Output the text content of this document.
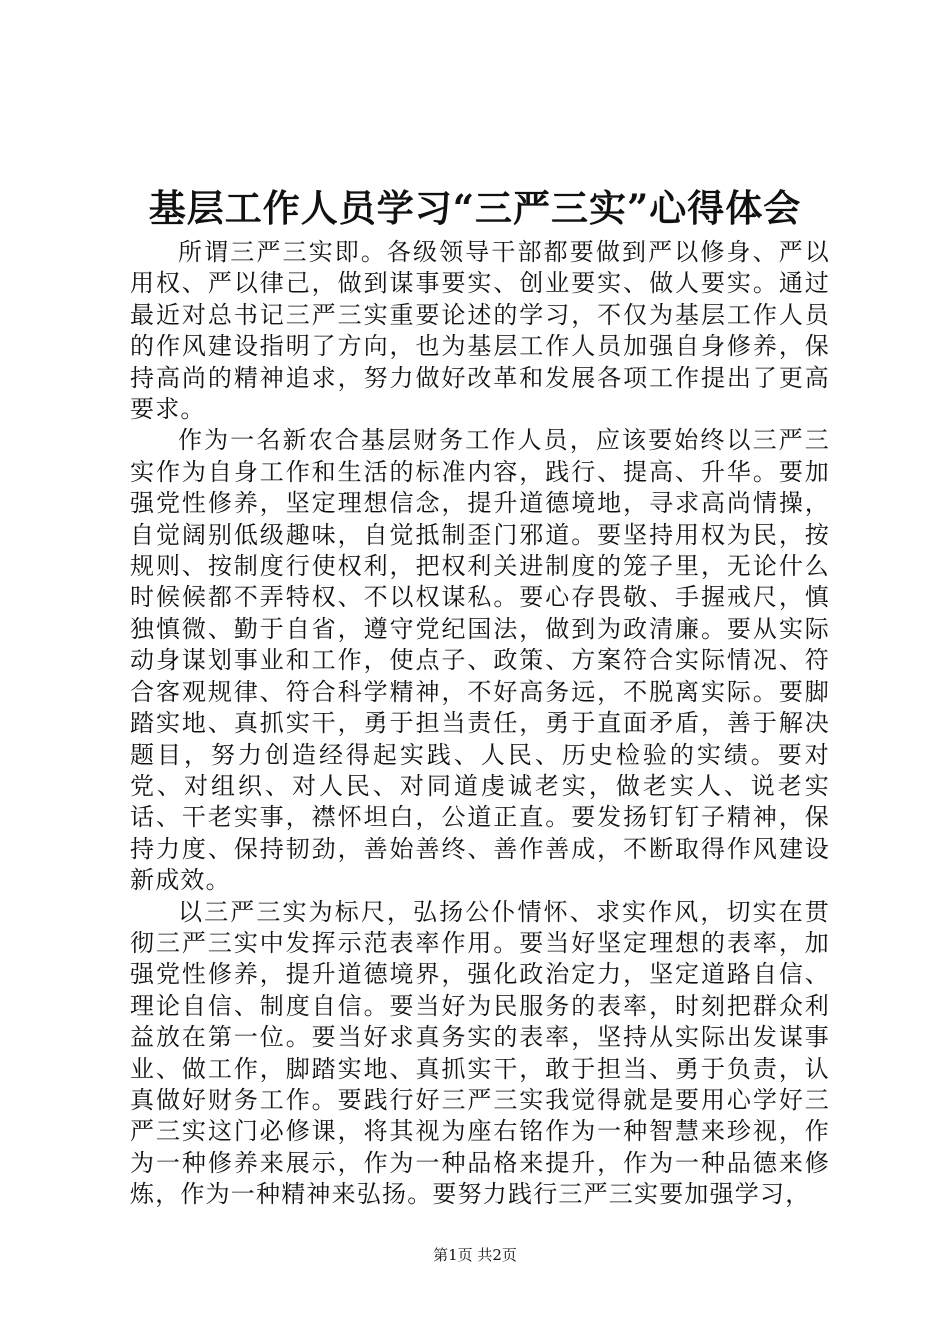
基层工作人员学习“三严三实”心得体会

所谓三严三实即。各级领导干部都要做到严以修身、严以用权、严以律己，做到谋事要实、创业要实、做人要实。通过最近对总书记三严三实重要论述的学习，不仅为基层工作人员的作风建设指明了方向，也为基层工作人员加强自身修养，保持高尚的精神追求，努力做好改革和发展各项工作提出了更高要求。

作为一名新农合基层财务工作人员，应该要始终以三严三实作为自身工作和生活的标准内容，践行、提高、升华。要加强党性修养，坚定理想信念，提升道德境地，寻求高尚情操，自觉阔别低级趣味，自觉抵制歪门邪道。要坚持用权为民，按规则、按制度行使权利，把权利关进制度的笼子里，无论什么时候候都不弄特权、不以权谋私。要心存畏敬、手握戒尺，慎独慎微、勤于自省，遵守党纪国法，做到为政清廉。要从实际动身谋划事业和工作，使点子、政策、方案符合实际情况、符合客观规律、符合科学精神，不好高务远，不脱离实际。要脚踏实地、真抓实干，勇于担当责任，勇于直面矛盾，善于解决题目，努力创造经得起实践、人民、历史检验的实绩。要对党、对组织、对人民、对同道虔诚老实，做老实人、说老实话、干老实事，襟怀坦白，公道正直。要发扬钉钉子精神，保持力度、保持韧劲，善始善终、善作善成，不断取得作风建设新成效。

以三严三实为标尺，弘扬公仆情怀、求实作风，切实在贯彻三严三实中发挥示范表率作用。要当好坚定理想的表率，加强党性修养，提升道德境界，强化政治定力，坚定道路自信、理论自信、制度自信。要当好为民服务的表率，时刻把群众利益放在第一位。要当好求真务实的表率，坚持从实际出发谋事业、做工作，脚踏实地、真抓实干，敢于担当、勇于负责，认真做好财务工作。要践行好三严三实我觉得就是要用心学好三严三实这门必修课，将其视为座右铭作为一种智慧来珍视，作为一种修养来展示，作为一种品格来提升，作为一种品德来修炼，作为一种精神来弘扬。要努力践行三严三实要加强学习，

第1页 共2页
